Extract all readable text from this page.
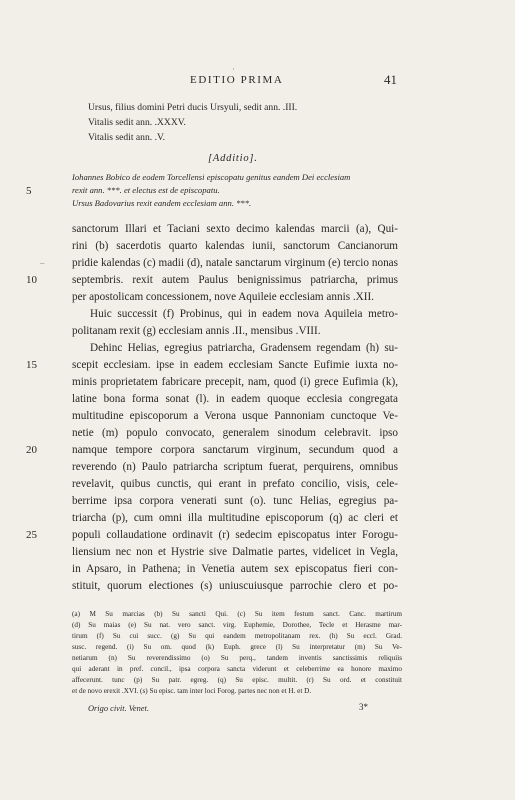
EDITIO PRIMA	41
Ursus, filius domini Petri ducis Ursyuli, sedit ann. .III.
Vitalis sedit ann. .XXXV.
Vitalis sedit ann. .V.
[Additio].
Iohannes Bobico de eodem Torcellensi episcopatu genitus eandem Dei ecclesiam
rexit ann. ***. et electus est de episcopatu.
Ursus Badovarius rexit eandem ecclesiam ann. ***.
sanctorum Illari et Taciani sexto decimo kalendas marcii (a), Qui-
rini (b) sacerdotis quarto kalendas iunii, sanctorum Cancianorum
pridie kalendas (c) madii (d), natale sanctarum virginum (e) tercio nonas
septembris. rexit autem Paulus benignissimus patriarcha, primus
per apostolicam concessionem, nove Aquileie ecclesiam annis .XII.
Huic successit (f) Probinus, qui in eadem nova Aquileia metro-
politanam rexit (g) ecclesiam annis .II., mensibus .VIII.
Dehinc Helias, egregius patriarcha, Gradensem regendam (h) su-
scepit ecclesiam. ipse in eadem ecclesiam Sancte Eufimie iuxta no-
minis proprietatem fabricare precepit, nam, quod (i) grece Eufimia (k),
latine bona forma sonat (l). in eadem quoque ecclesia congregata
multitudine episcoporum a Verona usque Pannoniam cunctoque Ve-
netie (m) populo convocato, generalem sinodum celebravit. ipso
namque tempore corpora sanctarum virginum, secundum quod a
reverendo (n) Paulo patriarcha scriptum fuerat, perquirens, omnibus
revelavit, quibus cunctis, qui erant in prefato concilio, visis, cele-
berrime ipsa corpora venerati sunt (o). tunc Helias, egregius pa-
triarcha (p), cum omni illa multitudine episcoporum (q) ac cleri et
populi collaudatione ordinavit (r) sedecim episcopatus inter Forogu-
liensium nec non et Hystrie sive Dalmatie partes, videlicet in Vegla,
in Apsaro, in Pathena; in Venetia autem sex episcopatus fieri con-
stituit, quorum electiones (s) uniuscuiusque parrochie clero et po-
5
10
15
20
25
(a) M Su marcias (b) Su sancti Qui. (c) Su item festum sanct. Canc. martirum
(d) Su maias (e) Su nat. vero sanct. virg. Euphemie, Dorothee, Tecle et Herasme mar-
tirum (f) Su cui succ. (g) Su qui eandem metropolitanam rex. (h) Su eccl. Grad.
susc. regend. (i) Su om. quod (k) Euph. grece (l) Su interpretatur (m) Su Ve-
netiarum (n) Su reverendissimo (o) Su perq., tandem inventis sanctissimis reliquiis
qui aderant in pref. concil., ipsa corpora sancta viderunt et celeberrime ea honore maximo
affecerunt. tunc (p) Su patr. egreg. (q) Su episc. multit. (r) Su ord. et constituit
et de novo erexit .XVI. (s) Su episc. tam inter loci Forog. partes nec non et H. et D.
Origo civit. Venet.	3*
·
–
